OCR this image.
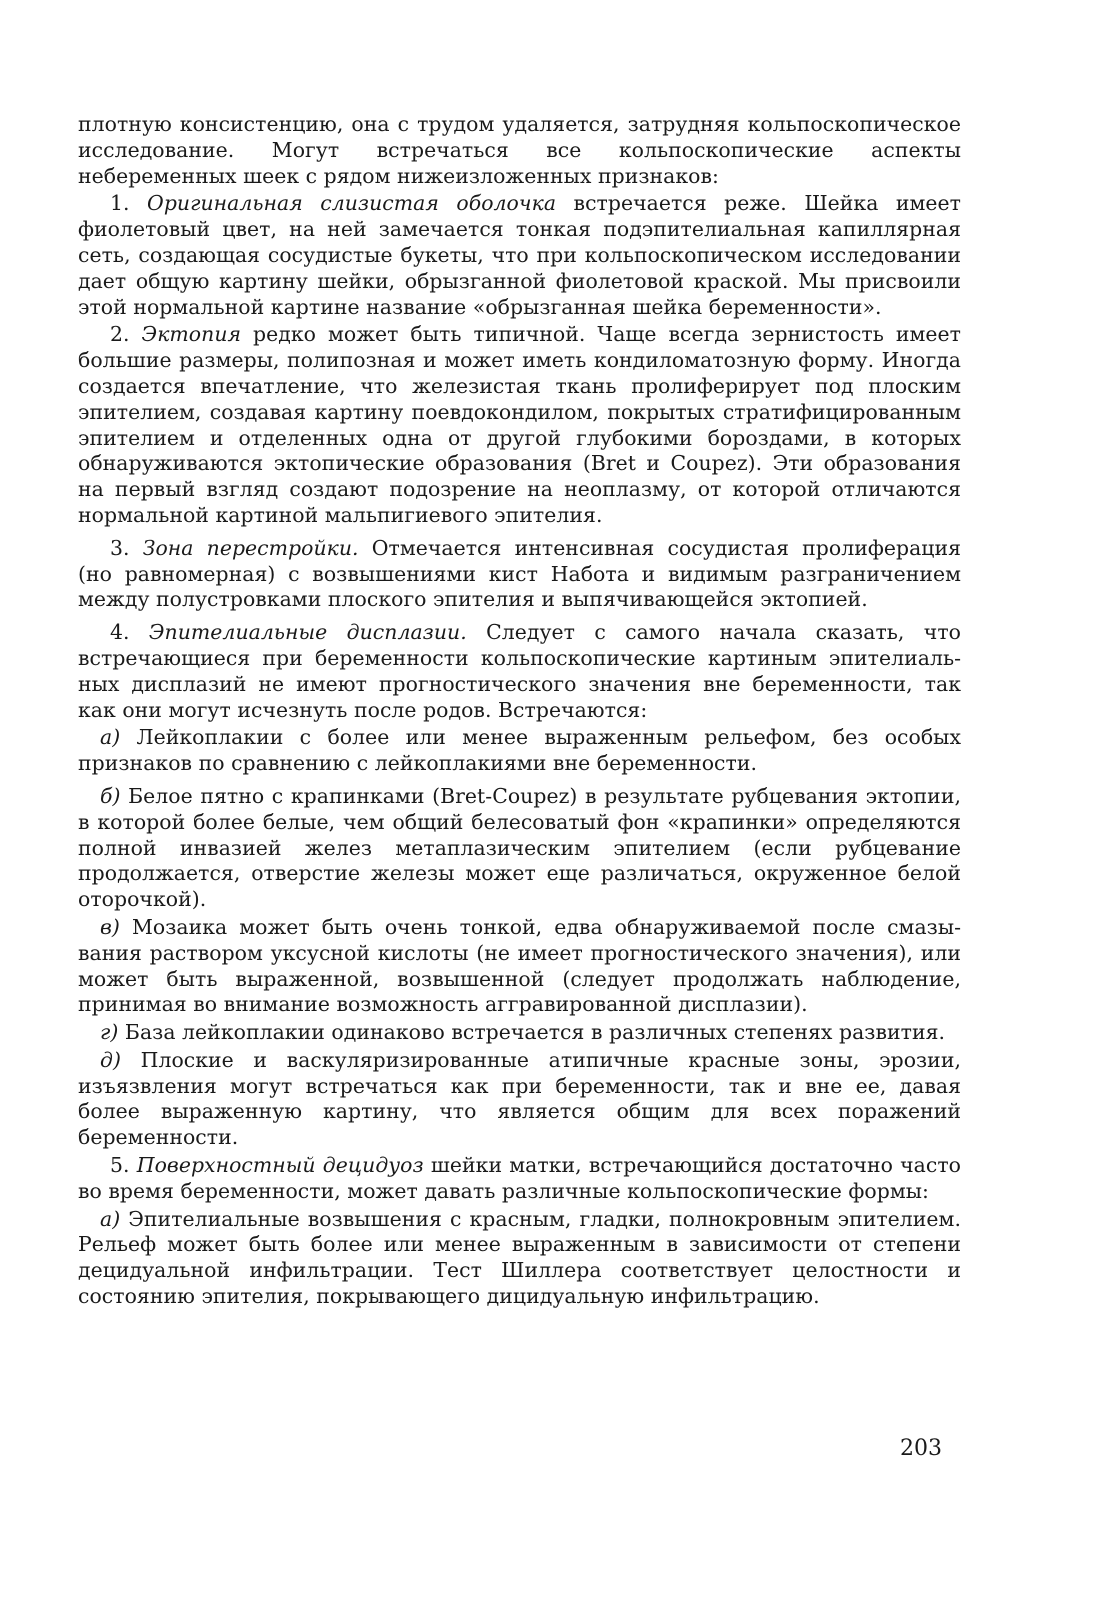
плотную консистенцию, она с трудом удаляется, затрудняя кольпоскопическое исследование. Могут встречаться все кольпоскопические аспекты небеременных шеек с рядом нижеизложенных признаков:

1. Оригинальная слизистая оболочка встречается реже. Шейка имеет фиолетовый цвет, на ней замечается тонкая подэпителиальная капиллярная сеть, создающая сосудистые букеты, что при кольпоскопическом исследовании дает общую картину шейки, обрызганной фиолетовой краской. Мы присвоили этой нормальной картине название «обрызганная шейка беременности».

2. Эктопия редко может быть типичной. Чаще всегда зернистость имеет большие размеры, полипозная и может иметь кондиломатозную форму. Иногда создается впечатление, что железистая ткань пролиферирует под плоским эпителием, создавая картину поевдокондилом, покрытых стратифицированным эпителием и отделенных одна от другой глубокими бороздами, в которых обнаруживаются эктопические образования (Bret и Coupez). Эти образования на первый взгляд создают подозрение на неоплазму, от которой отличаются нормальной картиной мальпигиевого эпителия.

3. Зона перестройки. Отмечается интенсивная сосудистая пролиферация (но равномерная) с возвышениями кист Набота и видимым разграничением между полустровками плоского эпителия и выпячивающейся эктопией.

4. Эпителиальные дисплазии. Следует с самого начала сказать, что встречающиеся при беременности кольпоскопические картиным эпителиальных дисплазий не имеют прогностического значения вне беременности, так как они могут исчезнуть после родов. Встречаются:

а) Лейкоплакии с более или менее выраженным рельефом, без особых признаков по сравнению с лейкоплакиями вне беременности.

б) Белое пятно с крапинками (Bret-Coupez) в результате рубцевания эктопии, в которой более белые, чем общий белесоватый фон «крапинки» определяются полной инвазией желез метаплазическим эпителием (если рубцевание продолжается, отверстие железы может еще различаться, окруженное белой оторочкой).

в) Мозаика может быть очень тонкой, едва обнаруживаемой после смазывания раствором уксусной кислоты (не имеет прогностического значения), или может быть выраженной, возвышенной (следует продолжать наблюдение, принимая во внимание возможность аггравированной дисплазии).

г) База лейкоплакии одинаково встречается в различных степенях развития.

д) Плоские и васкуляризированные атипичные красные зоны, эрозии, изъязвления могут встречаться как при беременности, так и вне ее, давая более выраженную картину, что является общим для всех поражений беременности.

5. Поверхностный децидуоз шейки матки, встречающийся достаточно часто во время беременности, может давать различные кольпоскопические формы:

а) Эпителиальные возвышения с красным, гладки, полнокровным эпителием. Рельеф может быть более или менее выраженным в зависимости от степени децидуальной инфильтрации. Тест Шиллера соответствует целостности и состоянию эпителия, покрывающего дицидуальную инфильтрацию.

203
